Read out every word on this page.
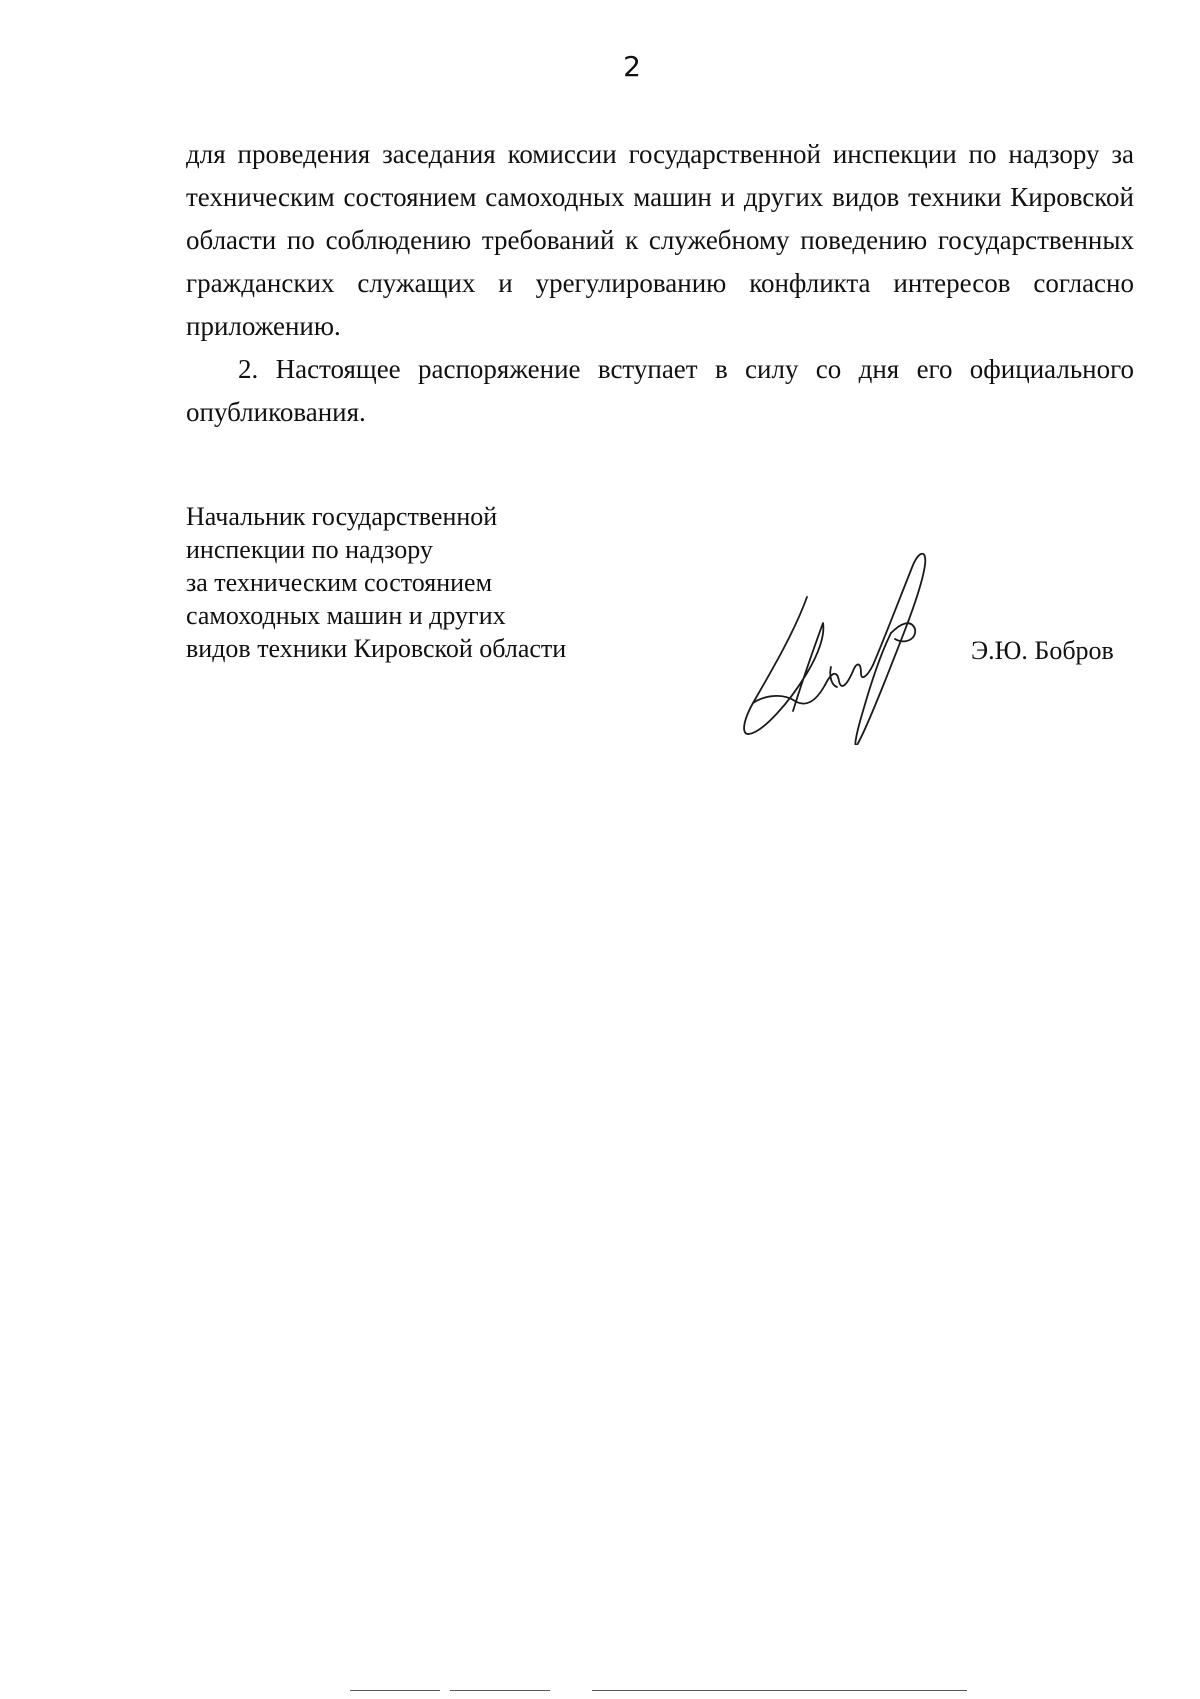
2

для проведения заседания комиссии государственной инспекции по надзору за техническим состоянием самоходных машин и других видов техники Кировской области по соблюдению требований к служебному поведению государственных гражданских служащих и урегулированию конфликта интересов согласно приложению.

2. Настоящее распоряжение вступает в силу со дня его официального опубликования.

Начальник государственной
инспекции по надзору
за техническим состоянием
самоходных машин и других
видов техники Кировской области	Э.Ю. Бобров
